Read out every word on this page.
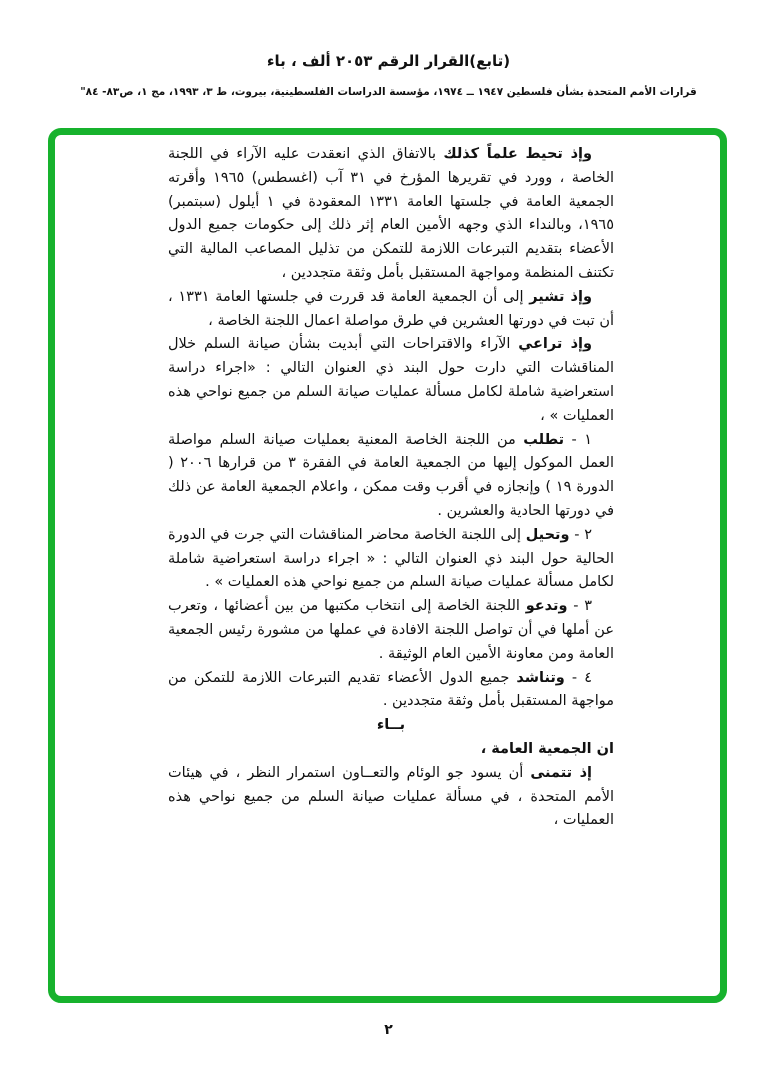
(تابع)القرار الرقم ٢٠٥٣ ألف ، باء
قرارات الأمم المتحدة بشأن فلسطين ١٩٤٧ ــ ١٩٧٤، مؤسسة الدراسات الفلسطينية، بيروت، ط ٣، ١٩٩٣، مج ١، ص٨٣- ٨٤"

وإذ تحيط علماً كذلك بالاتفاق الذي انعقدت عليه الآراء في اللجنة الخاصة ، وورد في تقريرها المؤرخ في ٣١ آب (اغسطس) ١٩٦٥ وأقرته الجمعية العامة في جلستها العامة ١٣٣١ المعقودة في ١ أيلول (سبتمبر) ١٩٦٥، وبالنداء الذي وجهه الأمين العام إثر ذلك إلى حكومات جميع الدول الأعضاء بتقديم التبرعات اللازمة للتمكن من تذليل المصاعب المالية التي تكتنف المنظمة ومواجهة المستقبل بأمل وثقة متجددين ،

وإذ تشير إلى أن الجمعية العامة قد قررت في جلستها العامة ١٣٣١ ، أن تبت في دورتها العشرين في طرق مواصلة اعمال اللجنة الخاصة ،

وإذ تراعي الآراء والاقتراحات التي أبديت بشأن صيانة السلم خلال المناقشات التي دارت حول البند ذي العنوان التالي : «اجراء دراسة استعراضية شاملة لكامل مسألة عمليات صيانة السلم من جميع نواحي هذه العمليات » ،

١ - تطلب من اللجنة الخاصة المعنية بعمليات صيانة السلم مواصلة العمل الموكول إليها من الجمعية العامة في الفقرة ٣ من قرارها ٢٠٠٦ ( الدورة ١٩ ) وإنجازه في أقرب وقت ممكن ، واعلام الجمعية العامة عن ذلك في دورتها الحادية والعشرين .

٢ - وتحيل إلى اللجنة الخاصة محاضر المناقشات التي جرت في الدورة الحالية حول البند ذي العنوان التالي : « اجراء دراسة استعراضية شاملة لكامل مسألة عمليات صيانة السلم من جميع نواحي هذه العمليات » .

٣ - وتدعو اللجنة الخاصة إلى انتخاب مكتبها من بين أعضائها ، وتعرب عن أملها في أن تواصل اللجنة الافادة في عملها من مشورة رئيس الجمعية العامة ومن معاونة الأمين العام الوثيقة .

٤ - وتناشد جميع الدول الأعضاء تقديم التبرعات اللازمة للتمكن من مواجهة المستقبل بأمل وثقة متجددين .

بــاء

ان الجمعية العامة ،

إذ تتمنى أن يسود جو الوئام والتعــاون استمرار النظر ، في هيئات الأمم المتحدة ، في مسألة عمليات صيانة السلم من جميع نواحي هذه العمليات ،

٢
